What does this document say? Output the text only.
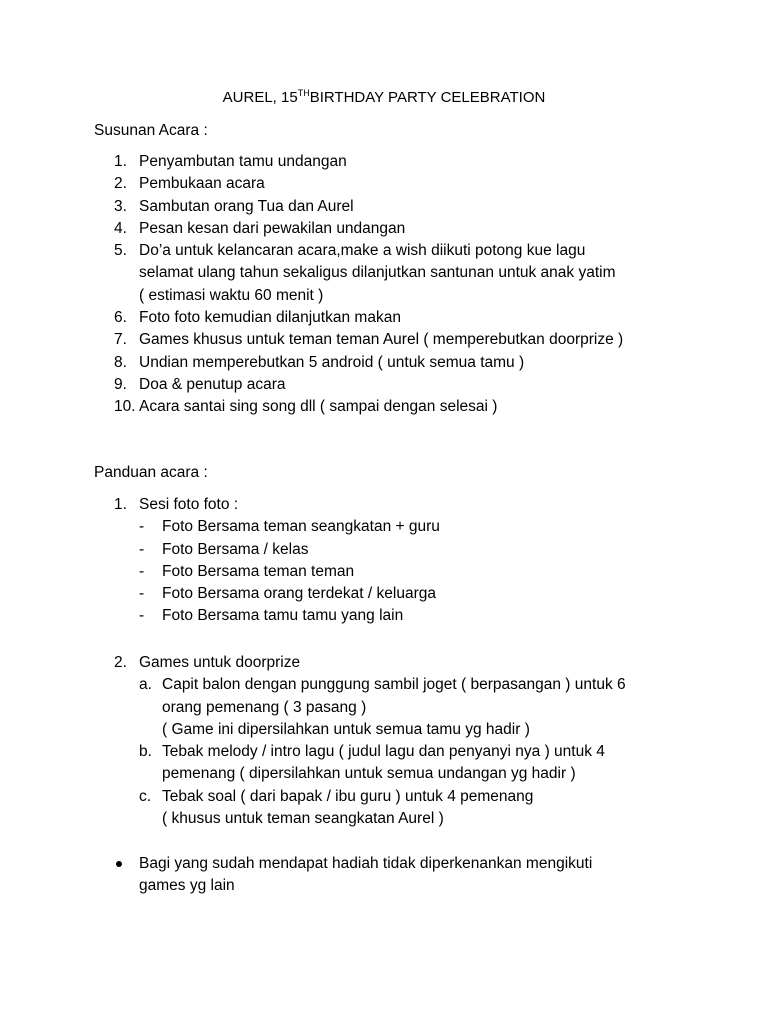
AUREL, 15THBIRTHDAY PARTY CELEBRATION
Susunan Acara :
1. Penyambutan tamu undangan
2. Pembukaan acara
3. Sambutan orang Tua dan Aurel
4. Pesan kesan dari pewakilan undangan
5. Do’a untuk kelancaran acara,make a wish diikuti potong kue lagu
selamat ulang tahun sekaligus dilanjutkan santunan untuk anak yatim
( estimasi waktu 60 menit )
6. Foto foto kemudian dilanjutkan makan
7. Games khusus untuk teman teman Aurel ( memperebutkan doorprize )
8. Undian memperebutkan 5 android ( untuk semua tamu )
9. Doa & penutup acara
10. Acara santai sing song dll ( sampai dengan selesai )
Panduan acara :
1. Sesi foto foto :
- Foto Bersama teman seangkatan + guru
- Foto Bersama / kelas
- Foto Bersama teman teman
- Foto Bersama orang terdekat / keluarga
- Foto Bersama tamu tamu yang lain
2. Games untuk doorprize
a. Capit balon dengan punggung sambil joget ( berpasangan ) untuk 6
orang pemenang ( 3 pasang )
( Game ini dipersilahkan untuk semua tamu yg hadir )
b. Tebak melody / intro lagu ( judul lagu dan penyanyi nya ) untuk 4
pemenang ( dipersilahkan untuk semua undangan yg hadir )
c. Tebak soal ( dari bapak / ibu guru ) untuk 4 pemenang
( khusus untuk teman seangkatan Aurel )
Bagi yang sudah mendapat hadiah tidak diperkenankan mengikuti
games yg lain
